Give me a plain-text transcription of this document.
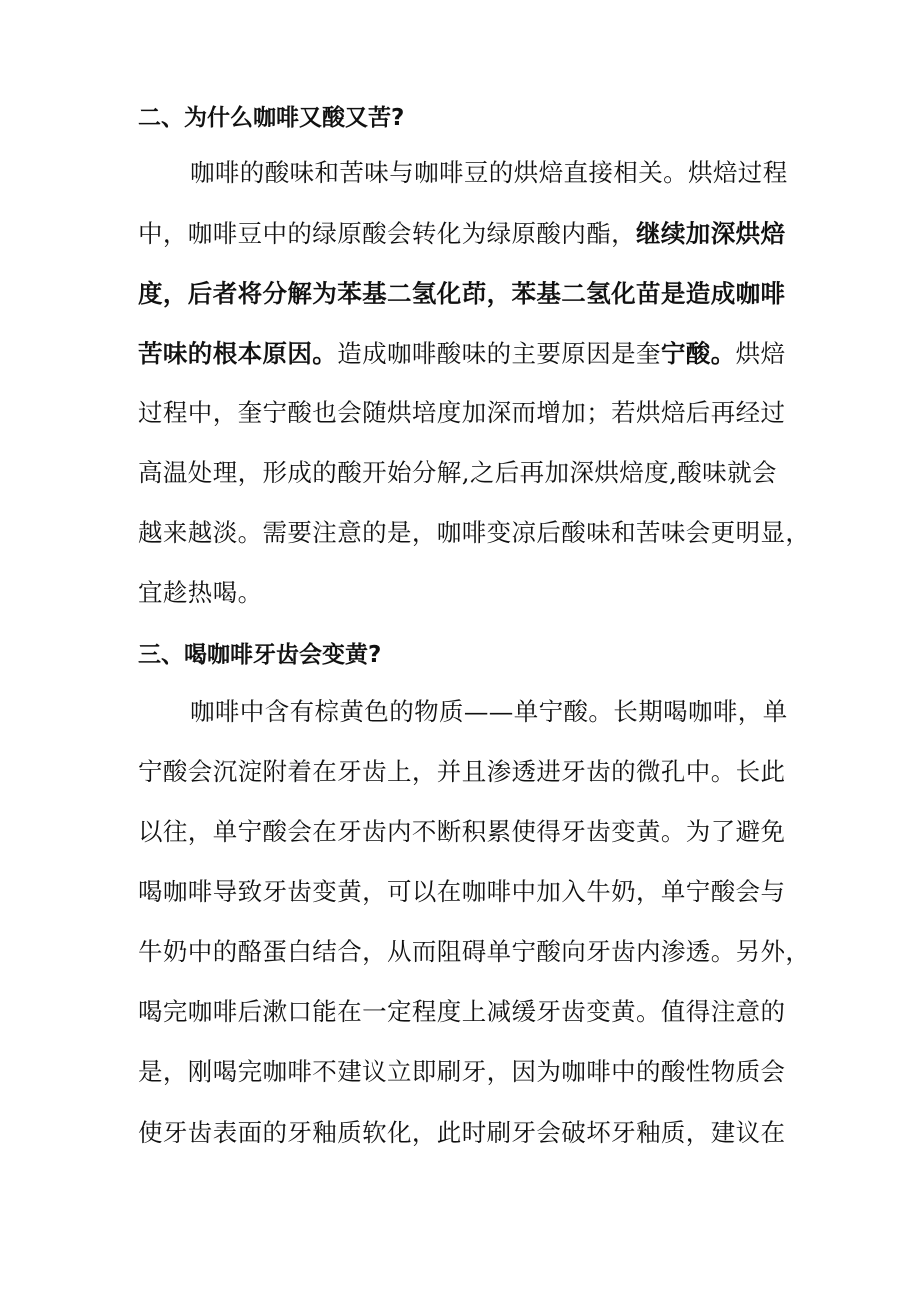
二、为什么咖啡又酸又苦?
咖啡的酸味和苦味与咖啡豆的烘焙直接相关。烘焙过程
中，咖啡豆中的绿原酸会转化为绿原酸内酯，继续加深烘焙
度，后者将分解为苯基二氢化茚，苯基二氢化苗是造成咖啡
苦味的根本原因。造成咖啡酸味的主要原因是奎宁酸。烘焙
过程中，奎宁酸也会随烘培度加深而增加；若烘焙后再经过
高温处理，形成的酸开始分解,之后再加深烘焙度,酸味就会
越来越淡。需要注意的是，咖啡变凉后酸味和苦味会更明显，
宜趁热喝。
三、喝咖啡牙齿会变黄?
咖啡中含有棕黄色的物质——单宁酸。长期喝咖啡，单
宁酸会沉淀附着在牙齿上，并且渗透进牙齿的微孔中。长此
以往，单宁酸会在牙齿内不断积累使得牙齿变黄。为了避免
喝咖啡导致牙齿变黄，可以在咖啡中加入牛奶，单宁酸会与
牛奶中的酪蛋白结合，从而阻碍单宁酸向牙齿内渗透。另外，
喝完咖啡后漱口能在一定程度上减缓牙齿变黄。值得注意的
是，刚喝完咖啡不建议立即刷牙，因为咖啡中的酸性物质会
使牙齿表面的牙釉质软化，此时刷牙会破坏牙釉质，建议在
